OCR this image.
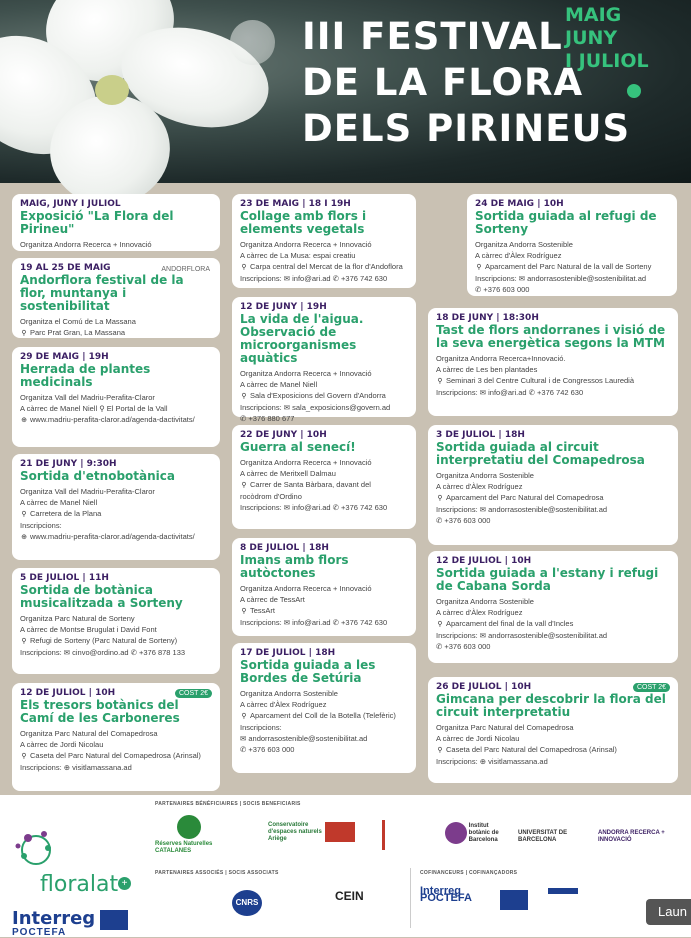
III FESTIVAL
DE LA FLORA
DELS PIRINEUS
MAIG
JUNY
I JULIOL
MAIG, JUNY I JULIOL
Exposició "La Flora del Pirineu"
Organitza Andorra Recerca + Innovació
19 AL 25 DE MAIG
Andorflora festival de la flor, muntanya i sostenibilitat
Organitza el Comú de La Massana
⚲ Parc Prat Gran, La Massana
ANDORFLORA
29 DE MAIG | 19H
Herrada de plantes medicinals
Organitza Vall del Madriu-Perafita-Claror
A càrrec de Manel Niell ⚲ El Portal de la Vall
⊕ www.madriu-perafita-claror.ad/agenda-dactivitats/
21 DE JUNY | 9:30H
Sortida d'etnobotànica
Organitza Vall del Madriu-Perafita-Claror
A càrrec de Manel Niell
⚲ Carretera de la Plana
Inscripcions:
⊕ www.madriu-perafita-claror.ad/agenda-dactivitats/
5 DE JULIOL | 11H
Sortida de botànica musicalitzada a Sorteny
Organitza Parc Natural de Sorteny
A càrrec de Montse Brugulat i David Font
⚲ Refugi de Sorteny (Parc Natural de Sorteny)
Inscripcions: ✉ cinvo@ordino.ad ✆ +376 878 133
12 DE JULIOL | 10H
Els tresors botànics del Camí de les Carboneres
Organitza Parc Natural del Comapedrosa
A càrrec de Jordi Nicolau
⚲ Caseta del Parc Natural del Comapedrosa (Arinsal)
Inscripcions: ⊕ visitlamassana.ad
COST 2€
23 DE MAIG | 18 I 19H
Collage amb flors i elements vegetals
Organitza Andorra Recerca + Innovació
A càrrec de La Musa: espai creatiu
⚲ Carpa central del Mercat de la flor d'Andoflora
Inscripcions: ✉ info@ari.ad ✆ +376 742 630
12 DE JUNY | 19H
La vida de l'aigua. Observació de microorganismes aquàtics
Organitza Andorra Recerca + Innovació
A càrrec de Manel Niell
⚲ Sala d'Exposicions del Govern d'Andorra
Inscripcions: ✉ sala_exposicions@govern.ad
✆ +376 880 677
22 DE JUNY | 10H
Guerra al senecí!
Organitza Andorra Recerca + Innovació
A càrrec de Meritxell Dalmau
⚲ Carrer de Santa Bàrbara, davant del
rocòdrom d'Ordino
Inscripcions: ✉ info@ari.ad ✆ +376 742 630
8 DE JULIOL | 18H
Imans amb flors autòctones
Organitza Andorra Recerca + Innovació
A càrrec de TessArt
⚲ TessArt
Inscripcions: ✉ info@ari.ad ✆ +376 742 630
17 DE JULIOL | 18H
Sortida guiada a les Bordes de Setúria
Organitza Andorra Sostenible
A càrrec d'Àlex Rodríguez
⚲ Aparcament del Coll de la Botella (Telefèric)
Inscripcions:
✉ andorrasostenible@sostenibilitat.ad
✆ +376 603 000
24 DE MAIG | 10H
Sortida guiada al refugi de Sorteny
Organitza Andorra Sostenible
A càrrec d'Àlex Rodríguez
⚲ Aparcament del Parc Natural de la vall de Sorteny
Inscripcions: ✉ andorrasostenible@sostenibilitat.ad
✆ +376 603 000
18 DE JUNY | 18:30H
Tast de flors andorranes i visió de la seva energètica segons la MTM
Organitza Andorra Recerca+Innovació.
A càrrec de Les ben plantades
⚲ Seminari 3 del Centre Cultural i de Congressos Lauredià
Inscripcions: ✉ info@ari.ad ✆ +376 742 630
3 DE JULIOL | 18H
Sortida guiada al circuit interpretatiu del Comapedrosa
Organitza Andorra Sostenible
A càrrec d'Àlex Rodríguez
⚲ Aparcament del Parc Natural del Comapedrosa
Inscripcions: ✉ andorrasostenible@sostenibilitat.ad
✆ +376 603 000
12 DE JULIOL | 10H
Sortida guiada a l'estany i refugi de Cabana Sorda
Organitza Andorra Sostenible
A càrrec d'Àlex Rodríguez
⚲ Aparcament del final de la vall d'Incles
Inscripcions: ✉ andorrasostenible@sostenibilitat.ad
✆ +376 603 000
26 DE JULIOL | 10H
Gimcana per descobrir la flora del circuit interpretatiu
Organitza Parc Natural del Comapedrosa
A càrrec de Jordi Nicolau
⚲ Caseta del Parc Natural del Comapedrosa (Arinsal)
Inscripcions: ⊕ visitlamassana.ad
COST 2€
PARTENAIRES BÉNÉFICIAIRES | SOCIS BENEFICIARIS
PARTENAIRES ASSOCIÉS | SOCIS ASSOCIATS	COFINANCEURS | COFINANÇADORS
floralat +
Interreg
POCTEFA
Réserves Naturelles CATALANES
Conservatoire d'espaces naturels Ariège
Institut botànic de Barcelona
UNIVERSITAT DE BARCELONA
ANDORRA RECERCA + INNOVACIÓ
CNRS	CEIN	Interreg POCTEFA
Laun
